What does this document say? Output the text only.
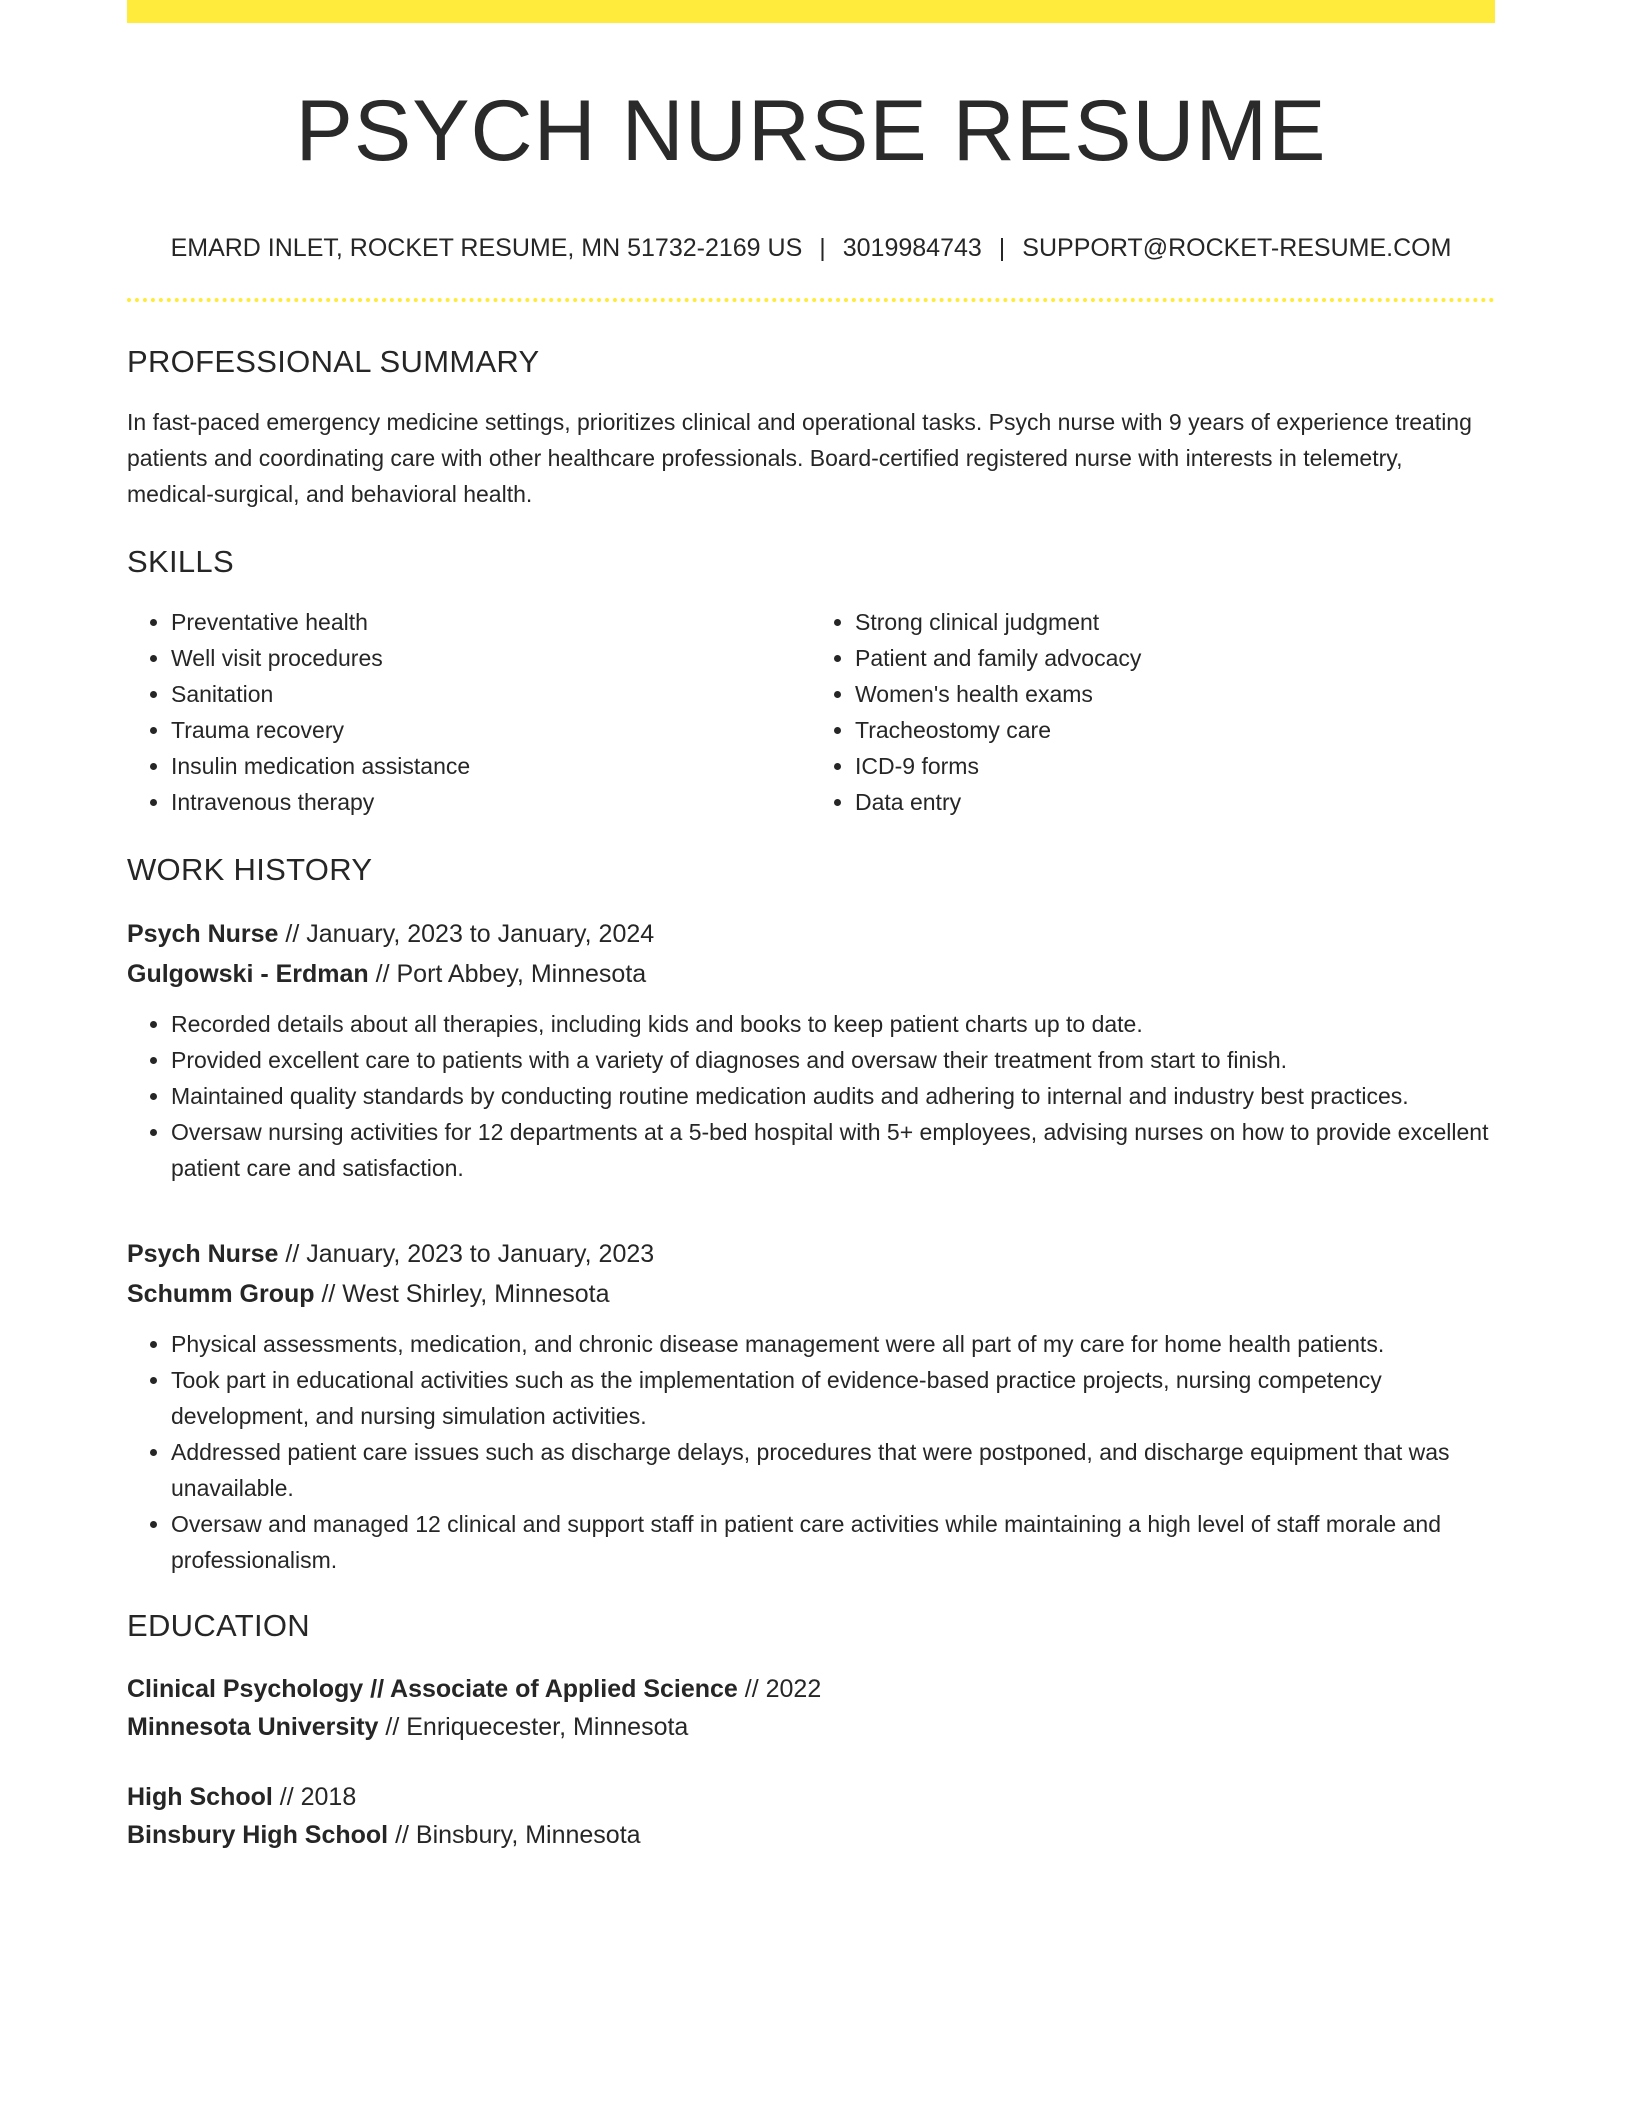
PSYCH NURSE RESUME
EMARD INLET, ROCKET RESUME, MN 51732-2169 US | 3019984743 | SUPPORT@ROCKET-RESUME.COM
PROFESSIONAL SUMMARY
In fast-paced emergency medicine settings, prioritizes clinical and operational tasks. Psych nurse with 9 years of experience treating patients and coordinating care with other healthcare professionals. Board-certified registered nurse with interests in telemetry, medical-surgical, and behavioral health.
SKILLS
• Preventative health
• Well visit procedures
• Sanitation
• Trauma recovery
• Insulin medication assistance
• Intravenous therapy
• Strong clinical judgment
• Patient and family advocacy
• Women's health exams
• Tracheostomy care
• ICD-9 forms
• Data entry
WORK HISTORY
Psych Nurse // January, 2023 to January, 2024
Gulgowski - Erdman // Port Abbey, Minnesota
• Recorded details about all therapies, including kids and books to keep patient charts up to date.
• Provided excellent care to patients with a variety of diagnoses and oversaw their treatment from start to finish.
• Maintained quality standards by conducting routine medication audits and adhering to internal and industry best practices.
• Oversaw nursing activities for 12 departments at a 5-bed hospital with 5+ employees, advising nurses on how to provide excellent patient care and satisfaction.
Psych Nurse // January, 2023 to January, 2023
Schumm Group // West Shirley, Minnesota
• Physical assessments, medication, and chronic disease management were all part of my care for home health patients.
• Took part in educational activities such as the implementation of evidence-based practice projects, nursing competency development, and nursing simulation activities.
• Addressed patient care issues such as discharge delays, procedures that were postponed, and discharge equipment that was unavailable.
• Oversaw and managed 12 clinical and support staff in patient care activities while maintaining a high level of staff morale and professionalism.
EDUCATION
Clinical Psychology // Associate of Applied Science // 2022
Minnesota University // Enriquecester, Minnesota
High School // 2018
Binsbury High School // Binsbury, Minnesota
